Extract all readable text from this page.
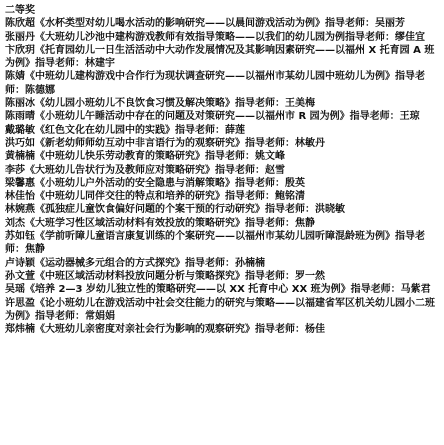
二等奖

陈欣超《水杯类型对幼儿喝水活动的影响研究——以晨间游戏活动为例》指导老师：吴丽芳

张丽丹《大班幼儿沙池中建构游戏教师有效指导策略——以我们的幼儿园为例指导老师：缪佳宜

卞欣玥《托育园幼儿一日生活活动中大动作发展情况及其影响因素研究——以福州 X 托育园 A 班为例》指导老师：林建宇

陈婧《中班幼儿建构游戏中合作行为现状调查研究——以福州市某幼儿园中班幼儿为例》指导老师：陈德娜

陈丽冰《幼儿园小班幼儿不良饮食习惯及解决策略》指导老师：王美梅

陈雨晴《小班幼儿午睡活动中存在的问题及对策研究——以福州市 R 园为例》指导老师：王琼

戴璐敏《红色文化在幼儿园中的实践》指导老师：薛莲

洪巧如《新老幼师师幼互动中非言语行为的观察研究》指导老师：林敏丹

黄楠楠《中班幼儿快乐劳动教育的策略研究》指导老师：姚文峰

李莎《大班幼儿告状行为及教师应对策略研究》指导老师：赵雪

梁馨惠《小班幼儿户外活动的安全隐患与消解策略》指导老师：殷英

林佳怡《中班幼儿同伴交往的特点和培养的研究》指导老师：鲍铭清

林婉燕《孤独症儿童饮食偏好问题的个案干预的行动研究》指导老师：洪晓敏

刘杰《大班学习性区域活动材料有效投放的策略研究》指导老师：焦静

苏如钰《学前听障儿童语言康复训练的个案研究——以福州市某幼儿园听障混龄班为例》指导老师：焦静

卢诗颖《运动器械多元组合的方式探究》指导老师：孙楠楠

孙文萱《中班区域活动材料投放问题分析与策略探究》指导老师：罗一然

吴瑶《培养 2—3 岁幼儿独立性的策略研究——以 XX 托育中心 XX 班为例》指导老师：马紫君

许思盈《论小班幼儿在游戏活动中社会交往能力的研究与策略——以福建省军区机关幼儿园小二班为例》指导老师：常娟娟

郑炜楠《大班幼儿亲密度对亲社会行为影响的观察研究》指导老师：杨佳
